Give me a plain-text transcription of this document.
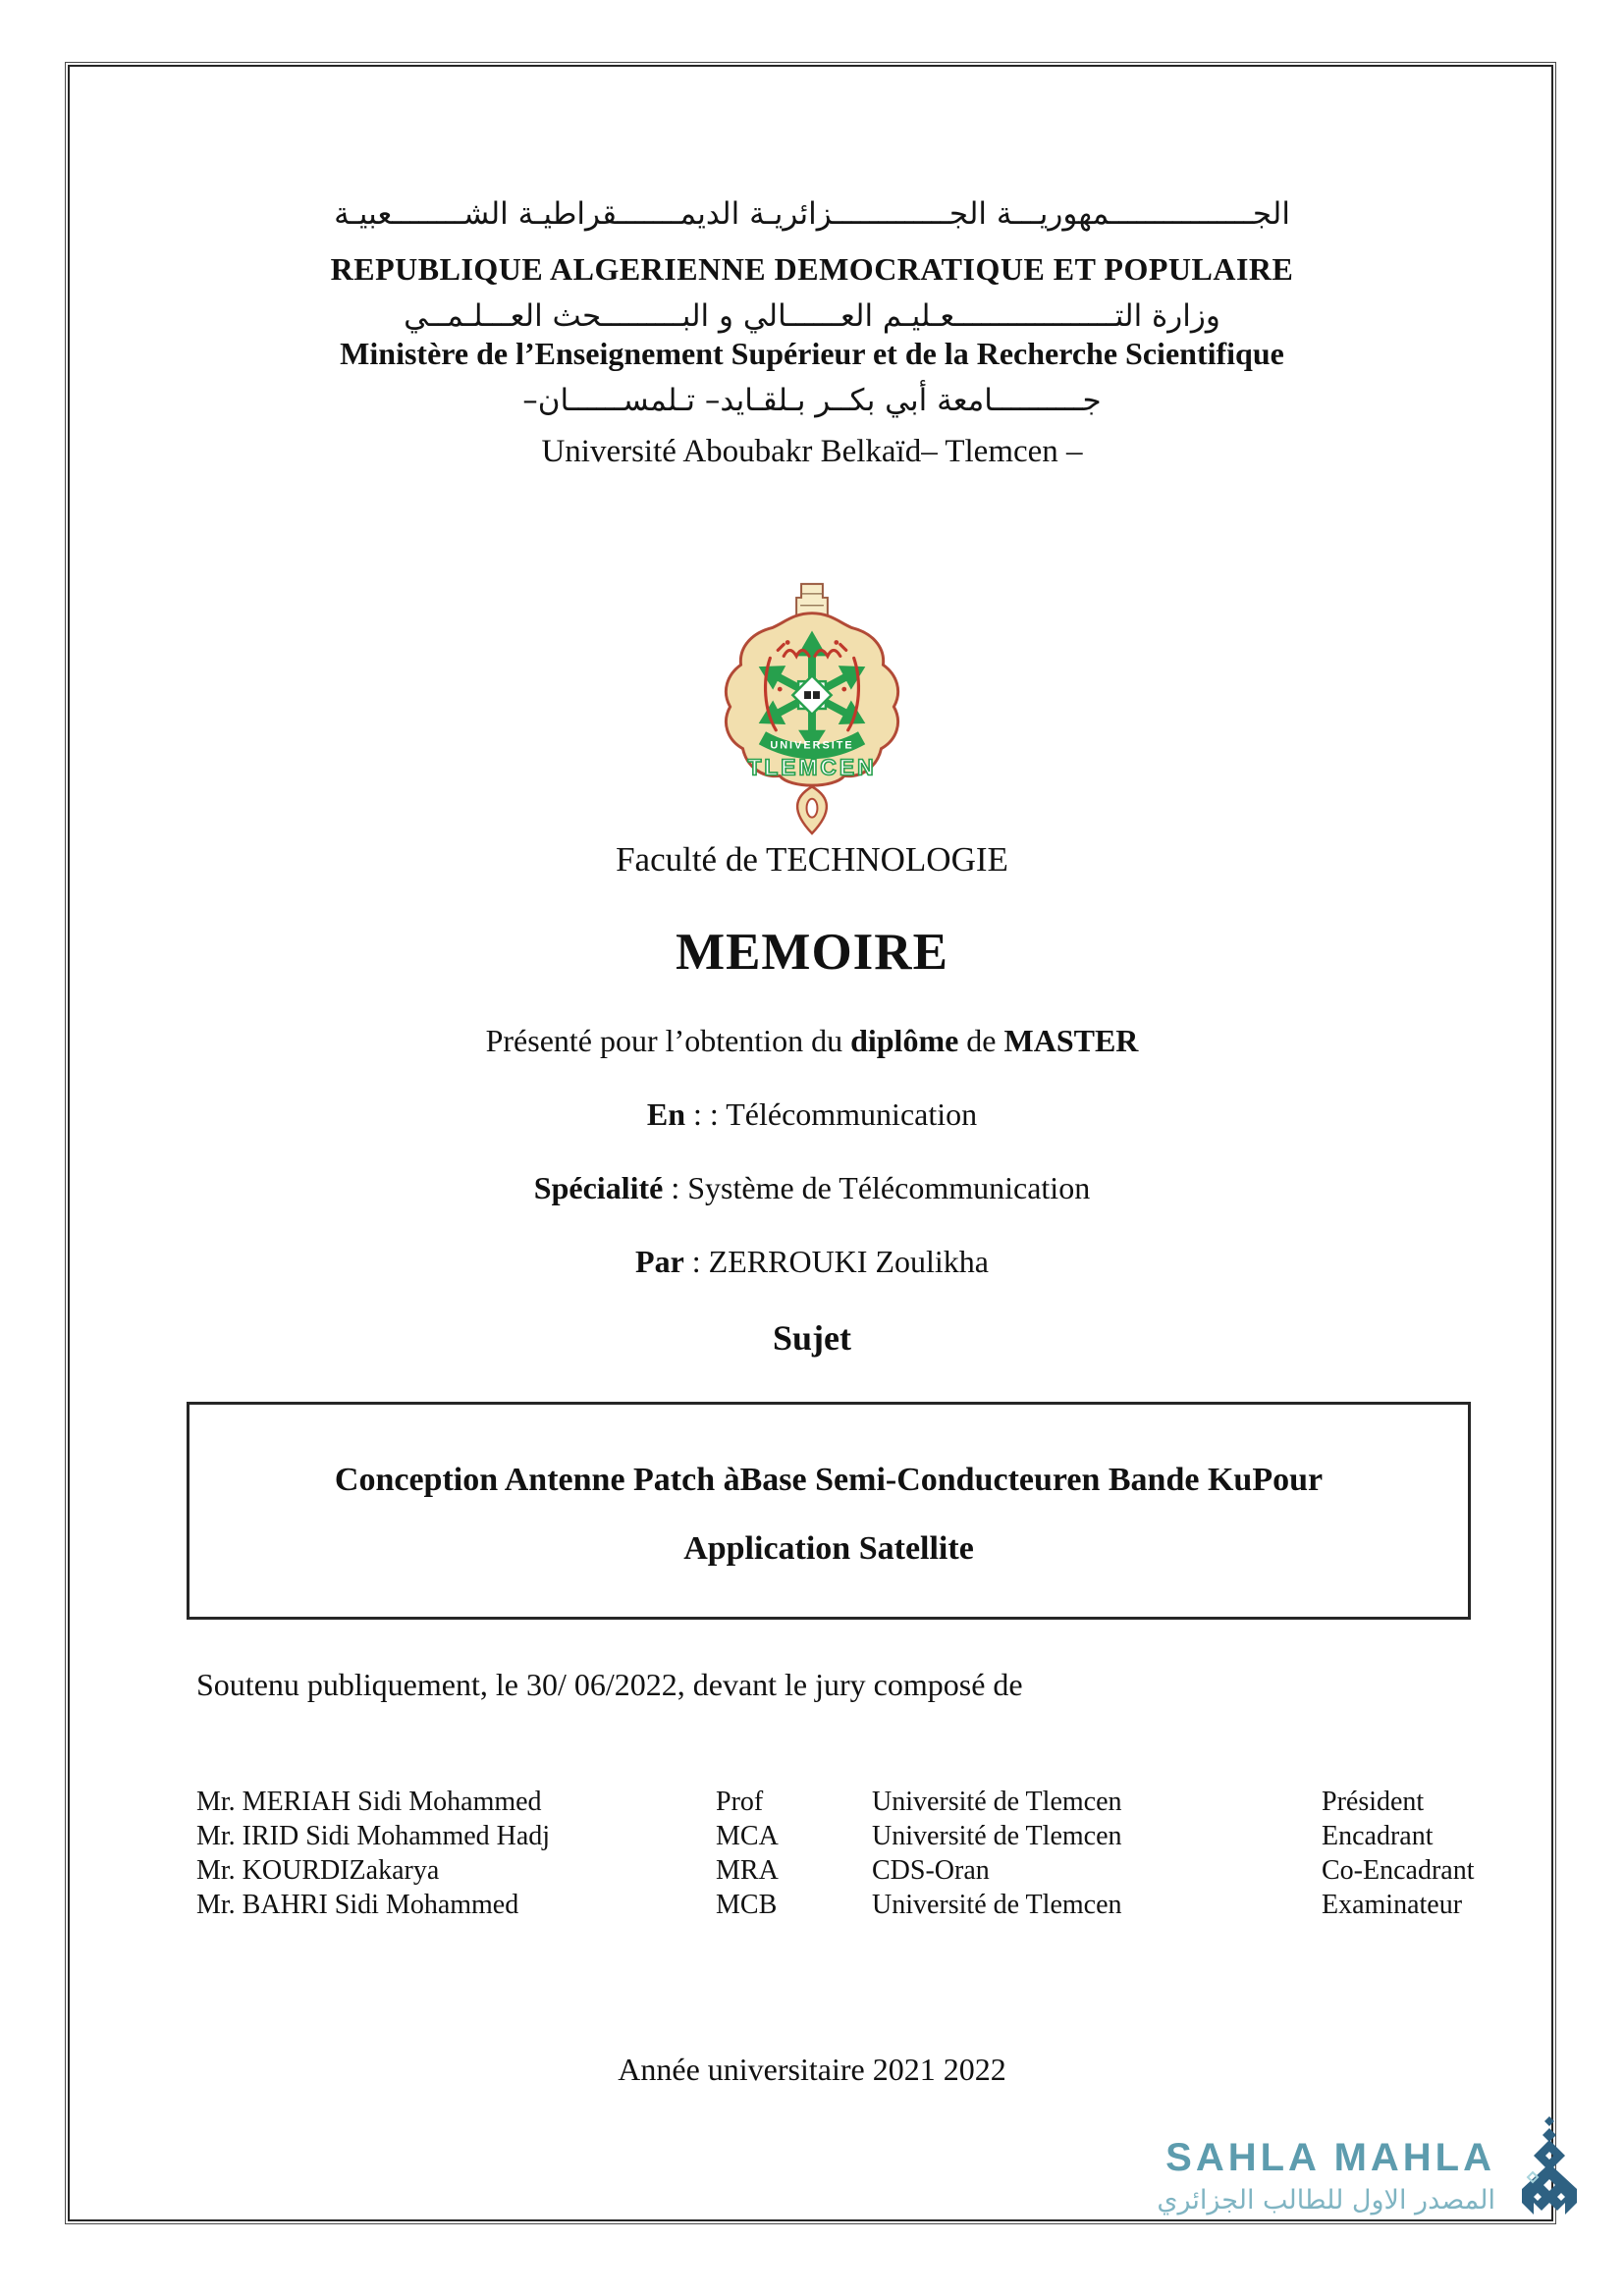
الجــــــــــــــــمهوريـــة الجـــــــــــــزائريـة الديمـــــــقراطيـة الشــــــــعبيـة
REPUBLIQUE ALGERIENNE DEMOCRATIQUE ET POPULAIRE
وزارة التــــــــــــــــــعـليـم العــــــالي و البـــــــــحث العـــلـمــي
Ministère de l’Enseignement Supérieur et de la Recherche Scientifique
جــــــــــامعة أبي بكــر بـلقـايد– تـلمســــــان–
Université Aboubakr Belkaïd– Tlemcen –
UNIVERSITE
TLEMCEN
Faculté de TECHNOLOGIE
MEMOIRE
Présenté pour l’obtention du diplôme de MASTER
En : : Télécommunication
Spécialité : Système de Télécommunication
Par : ZERROUKI Zoulikha
Sujet
Conception Antenne Patch àBase Semi-Conducteuren Bande KuPour
Application Satellite
Soutenu publiquement, le 30/ 06/2022, devant le jury composé de
Mr. MERIAH Sidi Mohammed	Prof	Université de Tlemcen	Président
Mr. IRID Sidi Mohammed Hadj	MCA	Université de Tlemcen	Encadrant
Mr. KOURDIZakarya	MRA	CDS-Oran	Co-Encadrant
Mr. BAHRI Sidi Mohammed	MCB	Université de Tlemcen	Examinateur
Année universitaire 2021 2022
SAHLA MAHLA
المصدر الاول للطالب الجزائري
